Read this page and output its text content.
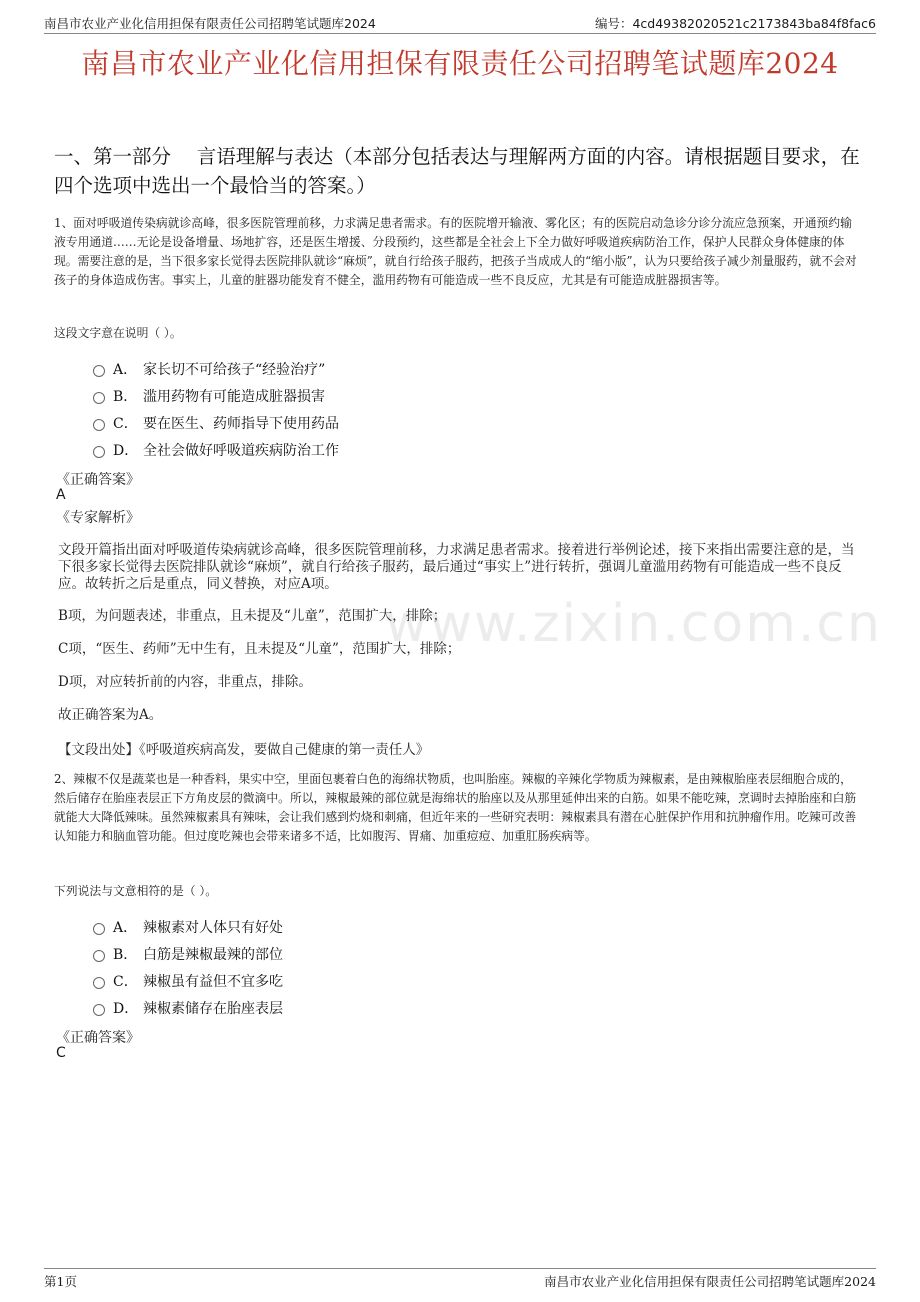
南昌市农业产业化信用担保有限责任公司招聘笔试题库2024	编号：4cd49382020521c2173843ba84f8fac6
南昌市农业产业化信用担保有限责任公司招聘笔试题库2024
一、第一部分　 言语理解与表达（本部分包括表达与理解两方面的内容。请根据题目要求，在四个选项中选出一个最恰当的答案。）
1、面对呼吸道传染病就诊高峰，很多医院管理前移，力求满足患者需求。有的医院增开输液、雾化区；有的医院启动急诊分诊分流应急预案，开通预约输液专用通道……无论是设备增量、场地扩容，还是医生增援、分段预约，这些都是全社会上下全力做好呼吸道疾病防治工作，保护人民群众身体健康的体现。需要注意的是，当下很多家长觉得去医院排队就诊“麻烦”，就自行给孩子服药，把孩子当成成人的“缩小版”，认为只要给孩子减少剂量服药，就不会对孩子的身体造成伤害。事实上，儿童的脏器功能发育不健全，滥用药物有可能造成一些不良反应，尤其是有可能造成脏器损害等。
这段文字意在说明（ ）。
A． 家长切不可给孩子“经验治疗”
B． 滥用药物有可能造成脏器损害
C． 要在医生、药师指导下使用药品
D． 全社会做好呼吸道疾病防治工作
《正确答案》
A
《专家解析》
文段开篇指出面对呼吸道传染病就诊高峰，很多医院管理前移，力求满足患者需求。接着进行举例论述，接下来指出需要注意的是，当下很多家长觉得去医院排队就诊“麻烦”，就自行给孩子服药，最后通过“事实上”进行转折，强调儿童滥用药物有可能造成一些不良反应。故转折之后是重点，同义替换，对应A项。
B项，为问题表述，非重点，且未提及“儿童”，范围扩大，排除；
C项，“医生、药师”无中生有，且未提及“儿童”，范围扩大，排除；
D项，对应转折前的内容，非重点，排除。
故正确答案为A。
【文段出处】《呼吸道疾病高发，要做自己健康的第一责任人》
2、辣椒不仅是蔬菜也是一种香料，果实中空，里面包裹着白色的海绵状物质，也叫胎座。辣椒的辛辣化学物质为辣椒素，是由辣椒胎座表层细胞合成的，然后储存在胎座表层正下方角皮层的微滴中。所以，辣椒最辣的部位就是海绵状的胎座以及从那里延伸出来的白筋。如果不能吃辣，烹调时去掉胎座和白筋就能大大降低辣味。虽然辣椒素具有辣味，会让我们感到灼烧和刺痛，但近年来的一些研究表明：辣椒素具有潜在心脏保护作用和抗肿瘤作用。吃辣可改善认知能力和脑血管功能。但过度吃辣也会带来诸多不适，比如腹泻、胃痛、加重痘痘、加重肛肠疾病等。
下列说法与文意相符的是（ ）。
A． 辣椒素对人体只有好处
B． 白筋是辣椒最辣的部位
C． 辣椒虽有益但不宜多吃
D． 辣椒素储存在胎座表层
《正确答案》
C
www.zixin.com.cn
第1页	南昌市农业产业化信用担保有限责任公司招聘笔试题库2024
